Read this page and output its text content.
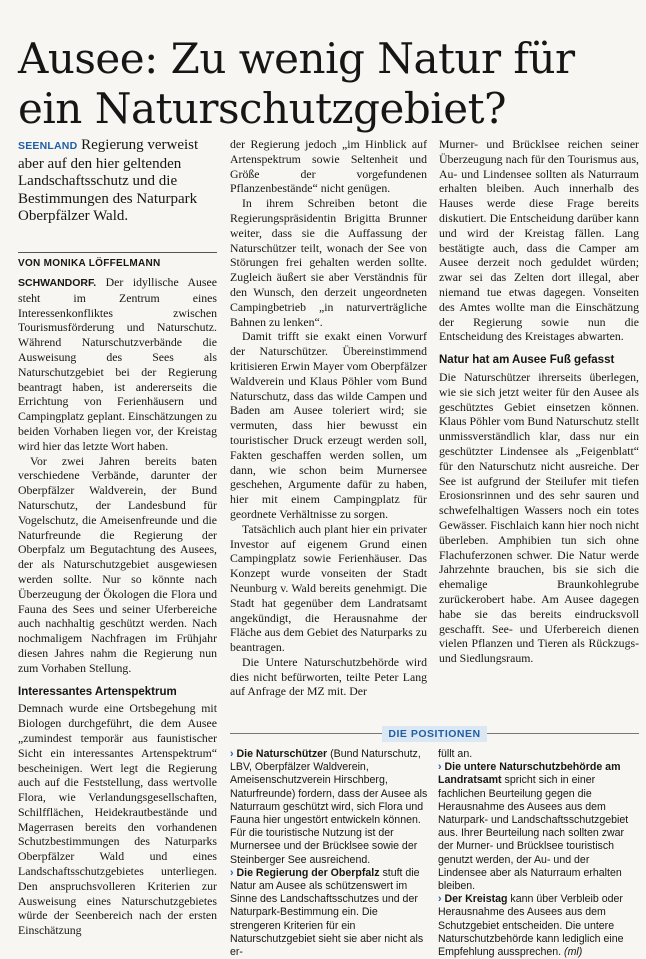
Ausee: Zu wenig Natur für ein Naturschutzgebiet?
SEENLAND Regierung verweist aber auf den hier geltenden Landschaftsschutz und die Bestimmungen des Naturpark Oberpfälzer Wald.
VON MONIKA LÖFFELMANN

SCHWANDORF. Der idyllische Ausee steht im Zentrum eines Interessenkonfliktes zwischen Tourismusförderung und Naturschutz. Während Naturschutzverbände die Ausweisung des Sees als Naturschutzgebiet bei der Regierung beantragt haben, ist andererseits die Errichtung von Ferienhäusern und Campingplatz geplant. Einschätzungen zu beiden Vorhaben liegen vor, der Kreistag wird hier das letzte Wort haben.

Vor zwei Jahren bereits baten verschiedene Verbände, darunter der Oberpfälzer Waldverein, der Bund Naturschutz, der Landesbund für Vogelschutz, die Ameisenfreunde und die Naturfreunde die Regierung der Oberpfalz um Begutachtung des Ausees, der als Naturschutzgebiet ausgewiesen werden sollte. Nur so könnte nach Überzeugung der Ökologen die Flora und Fauna des Sees und seiner Uferbereiche auch nachhaltig geschützt werden. Nach nochmaligem Nachfragen im Frühjahr diesen Jahres nahm die Regierung nun zum Vorhaben Stellung.

Interessantes Artenspektrum

Demnach wurde eine Ortsbegehung mit Biologen durchgeführt, die dem Ausee „zumindest temporär aus faunistischer Sicht ein interessantes Artenspektrum“ bescheinigen. Wert legt die Regierung auch auf die Feststellung, dass wertvolle Flora, wie Verlandungsgesellschaften, Schilfflächen, Heidekrautbestände und Magerrasen bereits den vorhandenen Schutzbestimmungen des Naturparks Oberpfälzer Wald und eines Landschaftsschutzgebietes unterliegen. Den anspruchsvolleren Kriterien zur Ausweisung eines Naturschutzgebietes würde der Seenbereich nach der ersten Einschätzung

der Regierung jedoch „im Hinblick auf Artenspektrum sowie Seltenheit und Größe der vorgefundenen Pflanzenbestände“ nicht genügen.

In ihrem Schreiben betont die Regierungspräsidentin Brigitta Brunner weiter, dass sie die Auffassung der Naturschützer teilt, wonach der See von Störungen frei gehalten werden sollte. Zugleich äußert sie aber Verständnis für den Wunsch, den derzeit ungeordneten Campingbetrieb „in naturverträgliche Bahnen zu lenken“.

Damit trifft sie exakt einen Vorwurf der Naturschützer. Übereinstimmend kritisieren Erwin Mayer vom Oberpfälzer Waldverein und Klaus Pöhler vom Bund Naturschutz, dass das wilde Campen und Baden am Ausee toleriert wird; sie vermuten, dass hier bewusst ein touristischer Druck erzeugt werden soll, Fakten geschaffen werden sollen, um dann, wie schon beim Murnersee geschehen, Argumente dafür zu haben, hier mit einem Campingplatz für geordnete Verhältnisse zu sorgen.

Tatsächlich auch plant hier ein privater Investor auf eigenem Grund einen Campingplatz sowie Ferienhäuser. Das Konzept wurde vonseiten der Stadt Neunburg v. Wald bereits genehmigt. Die Stadt hat gegenüber dem Landratsamt angekündigt, die Herausnahme der Fläche aus dem Gebiet des Naturparks zu beantragen.

Die Untere Naturschutzbehörde wird dies nicht befürworten, teilte Peter Lang auf Anfrage der MZ mit. Der

Murner- und Brücklsee reichen seiner Überzeugung nach für den Tourismus aus, Au- und Lindensee sollten als Naturraum erhalten bleiben. Auch innerhalb des Hauses werde diese Frage bereits diskutiert. Die Entscheidung darüber kann und wird der Kreistag fällen. Lang bestätigte auch, dass die Camper am Ausee derzeit noch geduldet würden; zwar sei das Zelten dort illegal, aber niemand tue etwas dagegen. Vonseiten des Amtes wollte man die Einschätzung der Regierung sowie nun die Entscheidung des Kreistages abwarten.

Natur hat am Ausee Fuß gefasst

Die Naturschützer ihrerseits überlegen, wie sie sich jetzt weiter für den Ausee als geschütztes Gebiet einsetzen können. Klaus Pöhler vom Bund Naturschutz stellt unmissverständlich klar, dass nur ein geschützter Lindensee als „Feigenblatt“ für den Naturschutz nicht ausreiche. Der See ist aufgrund der Steilufer mit tiefen Erosionsrinnen und des sehr sauren und schwefelhaltigen Wassers noch ein totes Gewässer. Fischlaich kann hier noch nicht überleben. Amphibien tun sich ohne Flachuferzonen schwer. Die Natur werde Jahrzehnte brauchen, bis sie sich die ehemalige Braunkohlegrube zurückerobert habe. Am Ausee dagegen habe sie das bereits eindrucksvoll geschafft. See- und Uferbereich dienen vielen Pflanzen und Tieren als Rückzugs- und Siedlungsraum.

DIE POSITIONEN

› Die Naturschützer (Bund Naturschutz, LBV, Oberpfälzer Waldverein, Ameisenschutzverein Hirschberg, Naturfreunde) fordern, dass der Ausee als Naturraum geschützt wird, sich Flora und Fauna hier ungestört entwickeln können. Für die touristische Nutzung ist der Murnersee und der Brücklsee sowie der Steinberger See ausreichend.

› Die Regierung der Oberpfalz stuft die Natur am Ausee als schützenswert im Sinne des Landschaftsschutzes und der Naturpark-Bestimmung ein. Die strengeren Kriterien für ein Naturschutzgebiet sieht sie aber nicht als er-

füllt an.

› Die untere Naturschutzbehörde am Landratsamt spricht sich in einer fachlichen Beurteilung gegen die Herausnahme des Ausees aus dem Naturpark- und Landschaftsschutzgebiet aus. Ihrer Beurteilung nach sollten zwar der Murner- und Brücklsee touristisch genutzt werden, der Au- und der Lindensee aber als Naturraum erhalten bleiben.

› Der Kreistag kann über Verbleib oder Herausnahme des Ausees aus dem Schutzgebiet entscheiden. Die untere Naturschutzbehörde kann lediglich eine Empfehlung aussprechen. (ml)
